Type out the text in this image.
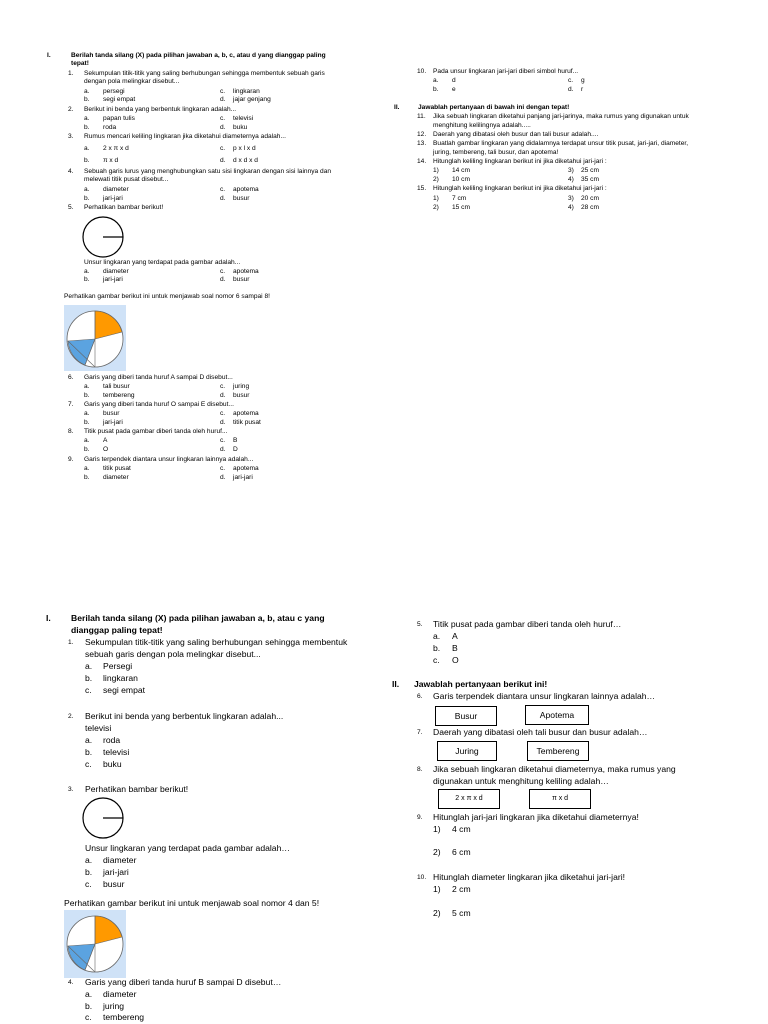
I.	Berilah tanda silang (X) pada pilihan jawaban a, b, c, atau d yang dianggap paling
tepat!
1. Sekumpulan titik-titik yang saling berhubungan sehingga membentuk sebuah garis
dengan pola melingkar disebut...
a. persegi
b. segi empat
c. lingkaran
d. jajar genjang
2. Berikut ini benda yang berbentuk lingkaran adalah...
a. papan tulis
b. roda
c. televisi
d. buku
3. Rumus mencari keliling lingkaran jika diketahui diameternya adalah...
a. 2 x π x d
b. π x d
c. p x l x d
d. d x d x d
4. Sebuah garis lurus yang menghubungkan satu sisi lingkaran dengan sisi lainnya dan
melewati titik pusat disebut...
a. diameter
b. jari-jari
c. apotema
d. busur
5. Perhatikan bambar berikut!
Unsur lingkaran yang terdapat pada gambar adalah...
a. diameter
b. jari-jari
c. apotema
d. busur
Perhatikan gambar berikut ini untuk menjawab soal nomor 6 sampai 8!
6. Garis yang diberi tanda huruf A sampai D disebut...
a. tali busur
b. tembereng
c. juring
d. busur
7. Garis yang diberi tanda huruf O sampai E disebut...
a. busur
b. jari-jari
c. apotema
d. titik pusat
8. Titik pusat pada gambar diberi tanda oleh huruf...
a. A
b. O
c. B
d. D
9. Garis terpendek diantara unsur lingkaran lainnya adalah...
a. titik pusat
b. diameter
c. apotema
d. jari-jari
10. Pada unsur lingkaran jari-jari diberi simbol huruf...
a. d
b. e
c. g
d. r
II.	Jawablah pertanyaan di bawah ini dengan tepat!
11. Jika sebuah lingkaran diketahui panjang jari-jarinya, maka rumus yang digunakan untuk
menghitung kelilingnya adalah.....
12. Daerah yang dibatasi oleh busur dan tali busur adalah....
13. Buatlah gambar lingkaran yang didalamnya terdapat unsur titik pusat, jari-jari, diameter,
juring, tembereng, tali busur, dan apotema!
14. Hitunglah keliling lingkaran berikut ini jika diketahui jari-jari :
1) 14 cm
2) 10 cm
3) 25 cm
4) 35 cm
15. Hitunglah keliling lingkaran berikut ini jika diketahui jari-jari :
1) 7 cm
2) 15 cm
3) 20 cm
4) 28 cm
I. Berilah tanda silang (X) pada pilihan jawaban a, b, atau c yang
dianggap paling tepat!
1. Sekumpulan titik-titik yang saling berhubungan sehingga membentuk
sebuah garis dengan pola melingkar disebut...
a. Persegi
b. lingkaran
c. segi empat
2. Berikut ini benda yang berbentuk lingkaran adalah...
televisi
a. roda
b. televisi
c. buku
3. Perhatikan bambar berikut!
Unsur lingkaran yang terdapat pada gambar adalah…
a. diameter
b. jari-jari
c. busur
Perhatikan gambar berikut ini untuk menjawab soal nomor 4 dan 5!
4. Garis yang diberi tanda huruf B sampai D disebut…
a. diameter
b. juring
c. tembereng
5. Titik pusat pada gambar diberi tanda oleh huruf…
a. A
b. B
c. O
II. Jawablah pertanyaan berikut ini!
6. Garis terpendek diantara unsur lingkaran lainnya adalah…
Busur	Apotema
7. Daerah yang dibatasi oleh tali busur dan busur adalah…
Juring	Tembereng
8. Jika sebuah lingkaran diketahui diameternya, maka rumus yang
digunakan untuk menghitung keliling adalah…
2 x π x d	π x d
9. Hitunglah jari-jari lingkaran jika diketahui diameternya!
1) 4 cm
2) 6 cm
10. Hitunglah diameter lingkaran jika diketahui jari-jari!
1) 2 cm
2) 5 cm
